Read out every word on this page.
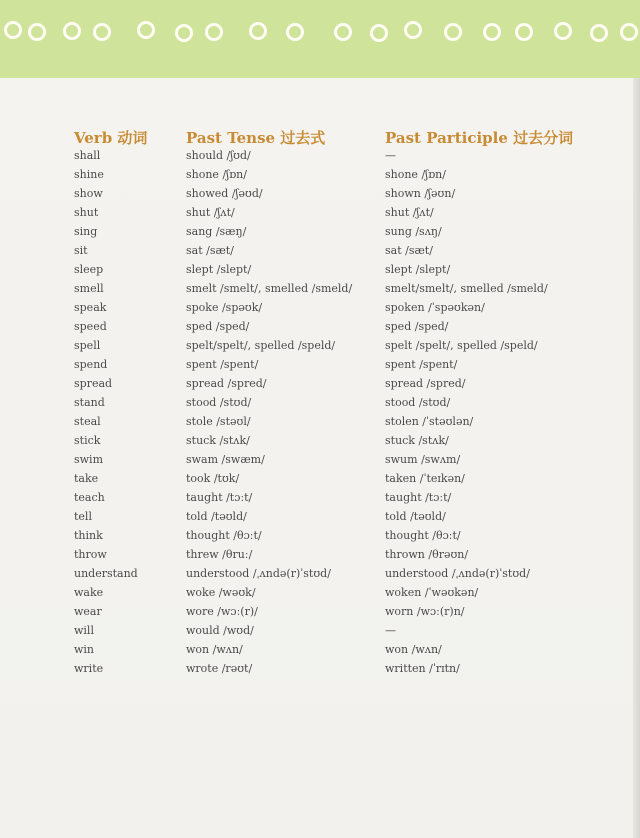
Verb 动词	Past Tense 过去式	Past Participle 过去分词
shall	should /ʃʊd/	—
shine	shone /ʃɒn/	shone /ʃɒn/
show	showed /ʃəʊd/	shown /ʃəʊn/
shut	shut /ʃʌt/	shut /ʃʌt/
sing	sang /sæŋ/	sung /sʌŋ/
sit	sat /sæt/	sat /sæt/
sleep	slept /slept/	slept /slept/
smell	smelt /smelt/, smelled /smeld/	smelt/smelt/, smelled /smeld/
speak	spoke /spəʊk/	spoken /ˈspəʊkən/
speed	sped /sped/	sped /sped/
spell	spelt/spelt/, spelled /speld/	spelt /spelt/, spelled /speld/
spend	spent /spent/	spent /spent/
spread	spread /spred/	spread /spred/
stand	stood /stʊd/	stood /stʊd/
steal	stole /stəʊl/	stolen /ˈstəʊlən/
stick	stuck /stʌk/	stuck /stʌk/
swim	swam /swæm/	swum /swʌm/
take	took /tʊk/	taken /ˈteɪkən/
teach	taught /tɔːt/	taught /tɔːt/
tell	told /təʊld/	told /təʊld/
think	thought /θɔːt/	thought /θɔːt/
throw	threw /θruː/	thrown /θrəʊn/
understand	understood /ˌʌndə(r)ˈstʊd/	understood /ˌʌndə(r)ˈstʊd/
wake	woke /wəʊk/	woken /ˈwəʊkən/
wear	wore /wɔː(r)/	worn /wɔː(r)n/
will	would /wʊd/	—
win	won /wʌn/	won /wʌn/
write	wrote /rəʊt/	written /ˈrɪtn/
